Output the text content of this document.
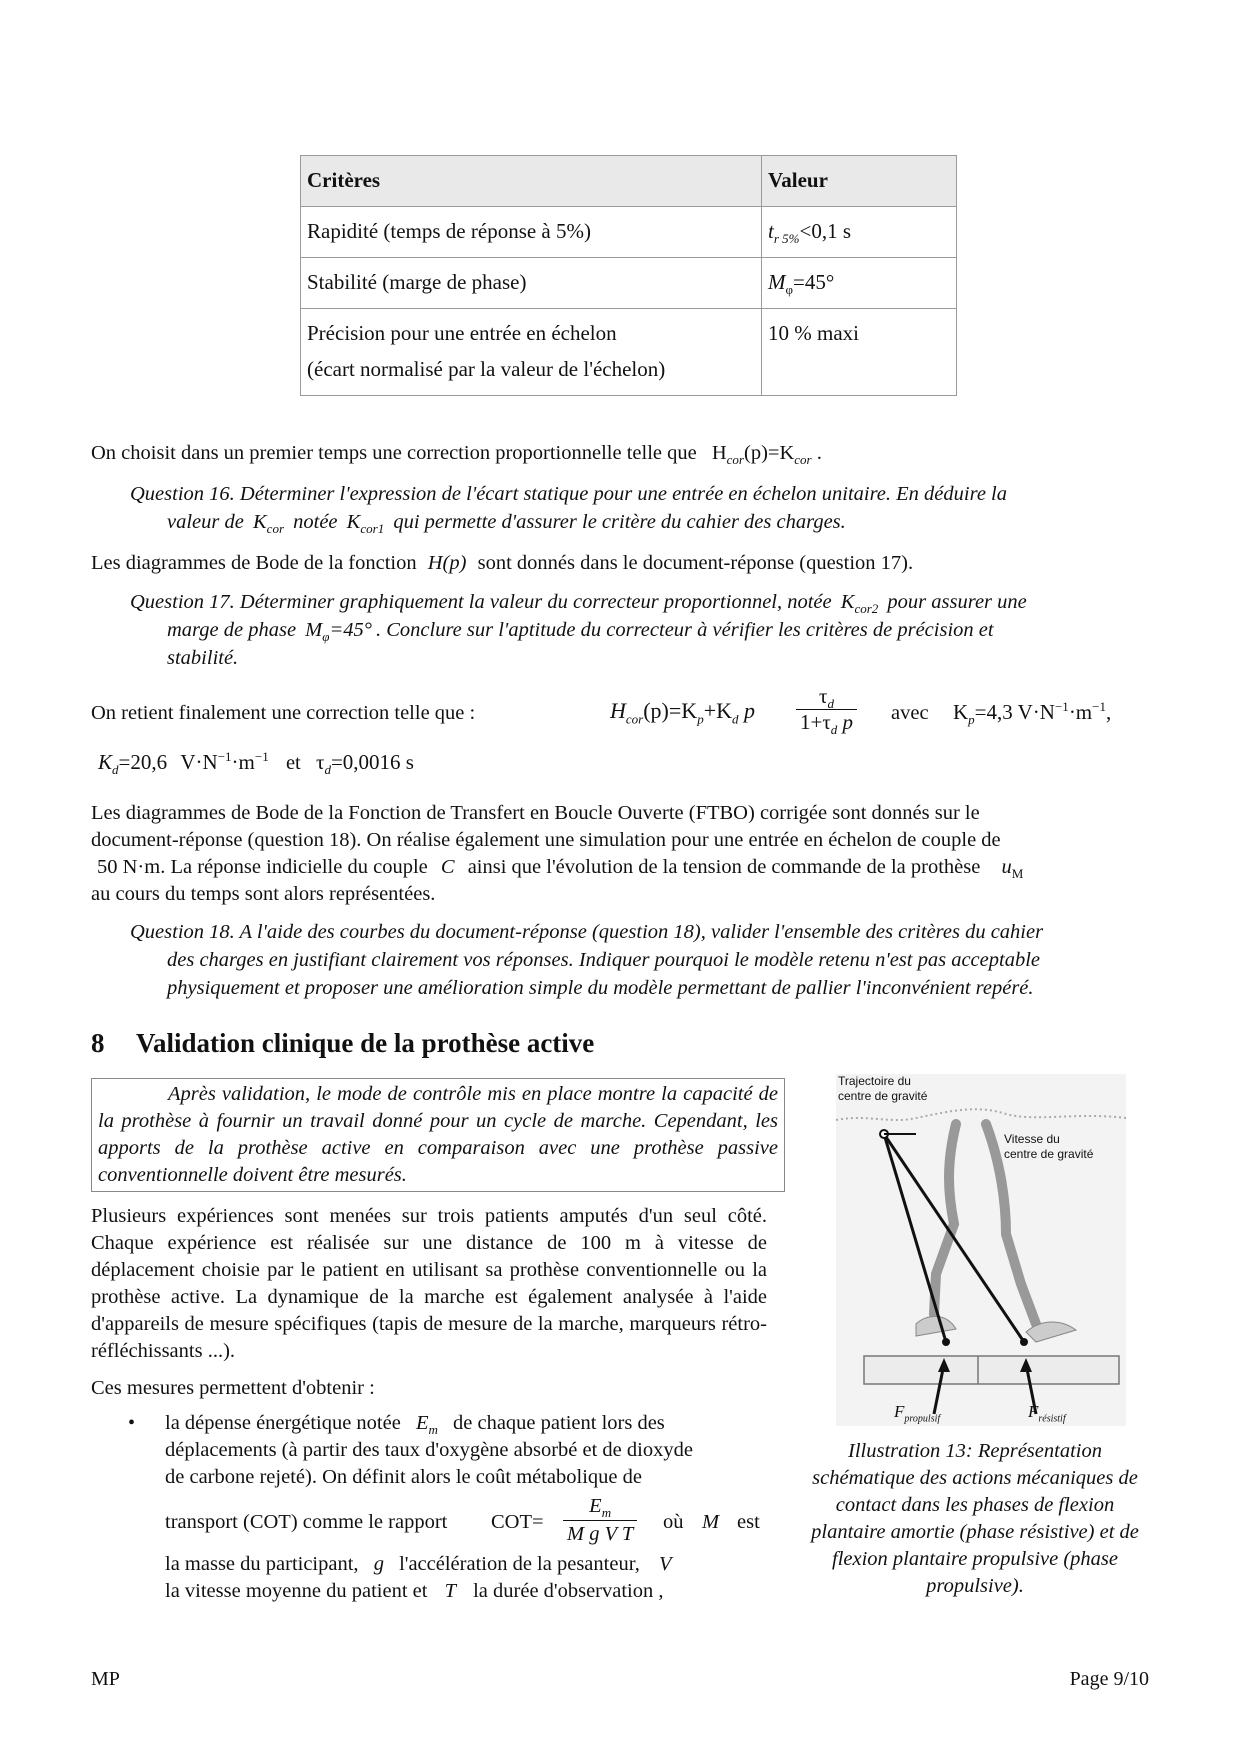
Critères	Valeur
Rapidité (temps de réponse à 5%)	$t_{r 5\%}<0,1$ s
Stabilité (marge de phase)	$M_\varphi=45^\circ$

Précision pour une entrée en échelon
(écart normalisé par la valeur de l'échelon)	10 % maxi
On choisit dans un premier temps une correction proportionnelle telle que $H_{cor}(p)=K_{cor}$ .
Question 16. Déterminer l'expression de l'écart statique pour une entrée en échelon unitaire. En déduire la
valeur de $K_{cor}$ notée $K_{cor1}$ qui permette d'assurer le critère du cahier des charges.
Les diagrammes de Bode de la fonction H(p) sont donnés dans le document-réponse (question 17).
Question 17. Déterminer graphiquement la valeur du correcteur proportionnel, notée $K_{cor2}$ pour assurer une
marge de phase $M_\varphi=45^\circ$ . Conclure sur l'aptitude du correcteur à vérifier les critères de précision et
stabilité.
On retient finalement une correction telle que :	$H_{cor}(p)=K_p+K_d$ p $\frac{\tau_d}{1+\tau_d p}$ avec $K_p=4,3$ $V\cdot N^{-1}\cdot m^{-1}$,
$K_d=20,6$ $V\cdot N^{-1}\cdot m^{-1}$ et $\tau_d=0,0016$ s
Les diagrammes de Bode de la Fonction de Transfert en Boucle Ouverte (FTBO) corrigée sont donnés sur le
document-réponse (question 18). On réalise également une simulation pour une entrée en échelon de couple de
50 N·m. La réponse indicielle du couple C ainsi que l'évolution de la tension de commande de la prothèse $u_M$
au cours du temps sont alors représentées.
Question 18. A l'aide des courbes du document-réponse (question 18), valider l'ensemble des critères du cahier
des charges en justifiant clairement vos réponses. Indiquer pourquoi le modèle retenu n'est pas acceptable
physiquement et proposer une amélioration simple du modèle permettant de pallier l'inconvénient repéré.
8 Validation clinique de la prothèse active
Après validation, le mode de contrôle mis en place montre la capacité de la prothèse à fournir un travail donné pour un cycle de marche. Cependant, les apports de la prothèse active en comparaison avec une prothèse passive conventionnelle doivent être mesurés.
Plusieurs expériences sont menées sur trois patients amputés d'un seul côté. Chaque expérience est réalisée sur une distance de 100 m à vitesse de déplacement choisie par le patient en utilisant sa prothèse conventionnelle ou la prothèse active. La dynamique de la marche est également analysée à l'aide d'appareils de mesure spécifiques (tapis de mesure de la marche, marqueurs rétro-réfléchissants ...).
Ces mesures permettent d'obtenir :
• la dépense énergétique notée $E_m$ de chaque patient lors des
déplacements (à partir des taux d'oxygène absorbé et de dioxyde
de carbone rejeté). On définit alors le coût métabolique de
transport (COT) comme le rapport $COT= \frac{E_m}{\text{M g V T}}$ où M est
la masse du participant, g l'accélération de la pesanteur, V
la vitesse moyenne du patient et T la durée d'observation ,
Trajectoire du
centre de gravité
Vitesse du
centre de gravité
$F_{propulsif}$	$F_{résistif}$
Illustration 13: Représentation
schématique des actions mécaniques de
contact dans les phases de flexion
plantaire amortie (phase résistive) et de
flexion plantaire propulsive (phase
propulsive).
MP	Page 9/10
